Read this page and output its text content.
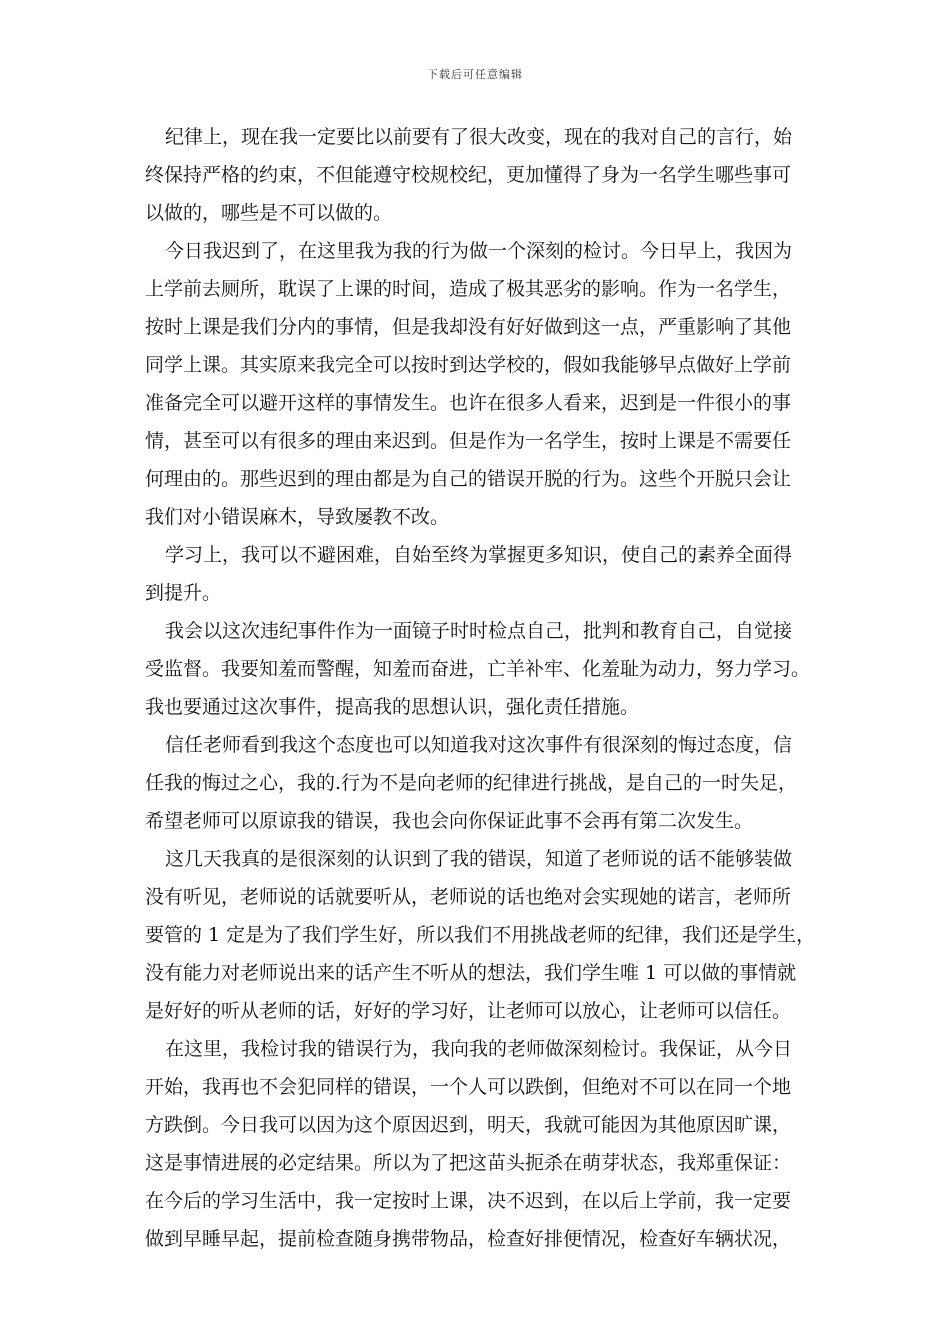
下载后可任意编辑
纪律上，现在我一定要比以前要有了很大改变，现在的我对自己的言行，始
终保持严格的约束，不但能遵守校规校纪，更加懂得了身为一名学生哪些事可
以做的，哪些是不可以做的。
今日我迟到了，在这里我为我的行为做一个深刻的检讨。今日早上，我因为
上学前去厕所，耽误了上课的时间，造成了极其恶劣的影响。作为一名学生，
按时上课是我们分内的事情，但是我却没有好好做到这一点，严重影响了其他
同学上课。其实原来我完全可以按时到达学校的，假如我能够早点做好上学前
准备完全可以避开这样的事情发生。也许在很多人看来，迟到是一件很小的事
情，甚至可以有很多的理由来迟到。但是作为一名学生，按时上课是不需要任
何理由的。那些迟到的理由都是为自己的错误开脱的行为。这些个开脱只会让
我们对小错误麻木，导致屡教不改。
学习上，我可以不避困难，自始至终为掌握更多知识，使自己的素养全面得
到提升。
我会以这次违纪事件作为一面镜子时时检点自己，批判和教育自己，自觉接
受监督。我要知羞而警醒，知羞而奋进，亡羊补牢、化羞耻为动力，努力学习。
我也要通过这次事件，提高我的思想认识，强化责任措施。
信任老师看到我这个态度也可以知道我对这次事件有很深刻的悔过态度，信
任我的悔过之心，我的.行为不是向老师的纪律进行挑战，是自己的一时失足，
希望老师可以原谅我的错误，我也会向你保证此事不会再有第二次发生。
这几天我真的是很深刻的认识到了我的错误，知道了老师说的话不能够装做
没有听见，老师说的话就要听从，老师说的话也绝对会实现她的诺言，老师所
要管的 1 定是为了我们学生好，所以我们不用挑战老师的纪律，我们还是学生，
没有能力对老师说出来的话产生不听从的想法，我们学生唯 1 可以做的事情就
是好好的听从老师的话，好好的学习好，让老师可以放心，让老师可以信任。
在这里，我检讨我的错误行为，我向我的老师做深刻检讨。我保证，从今日
开始，我再也不会犯同样的错误，一个人可以跌倒，但绝对不可以在同一个地
方跌倒。今日我可以因为这个原因迟到，明天，我就可能因为其他原因旷课，
这是事情进展的必定结果。所以为了把这苗头扼杀在萌芽状态，我郑重保证：
在今后的学习生活中，我一定按时上课，决不迟到，在以后上学前，我一定要
做到早睡早起，提前检查随身携带物品，检查好排便情况，检查好车辆状况，
